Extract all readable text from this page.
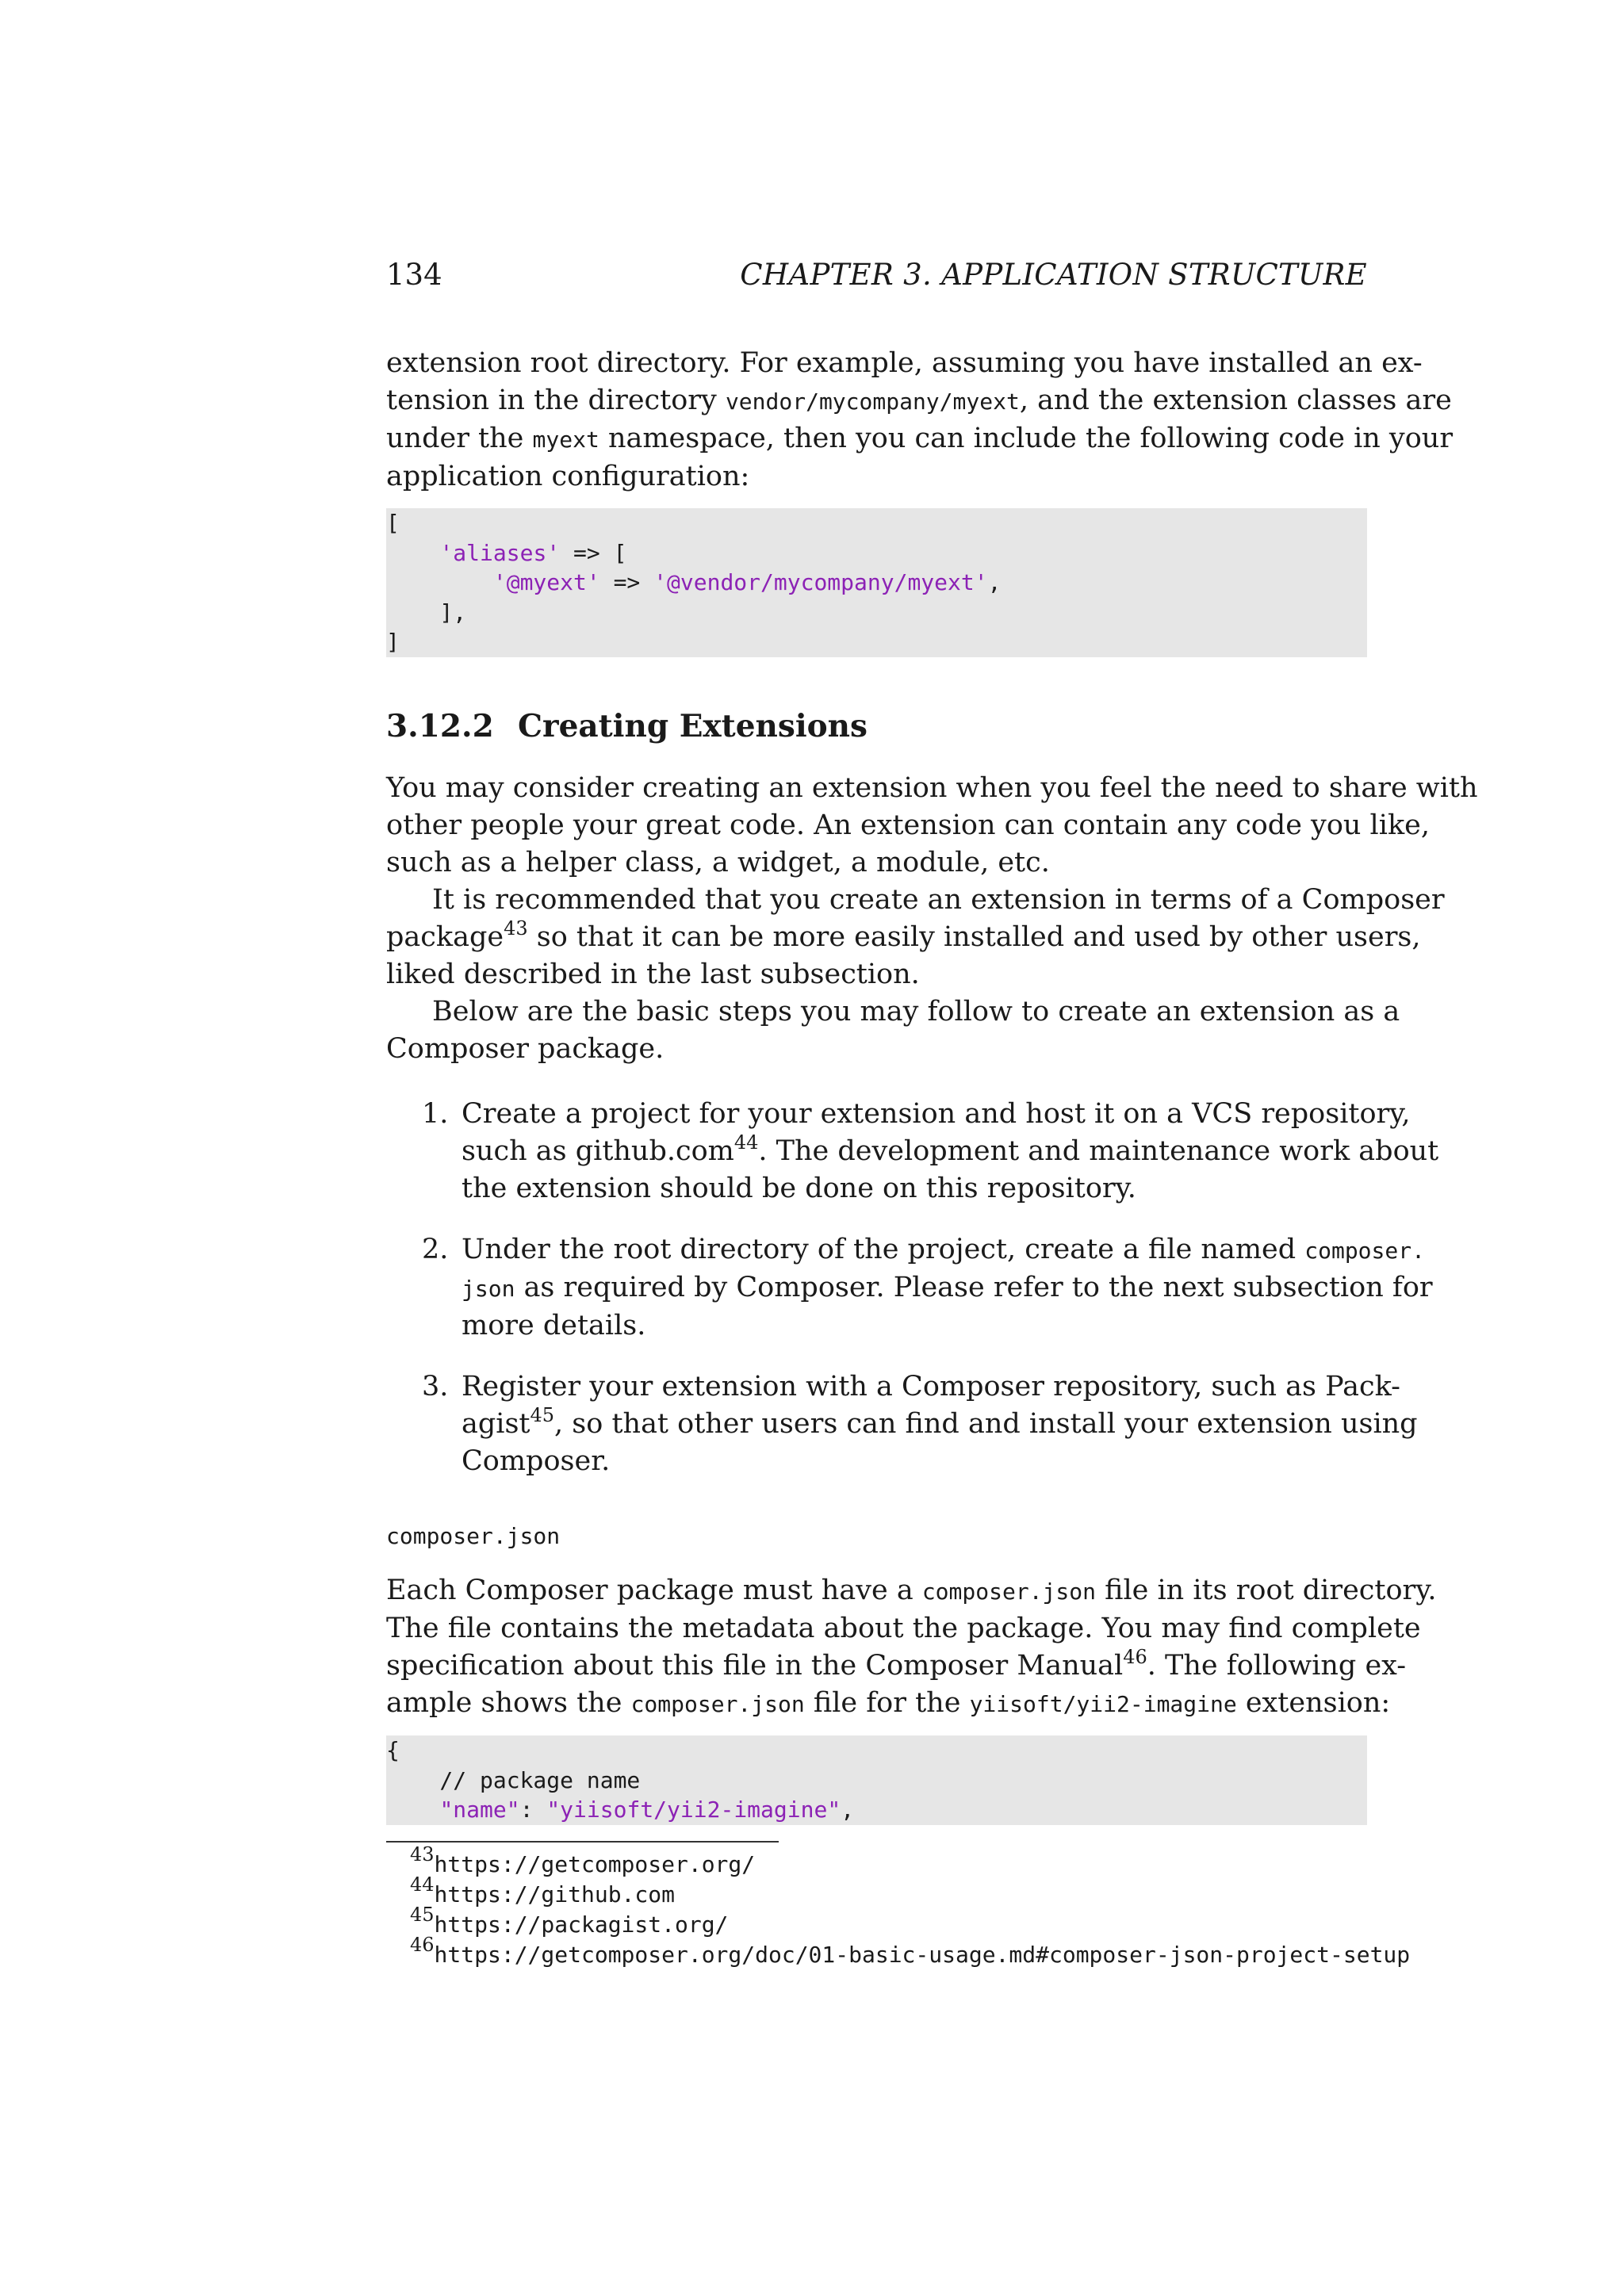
134	CHAPTER 3. APPLICATION STRUCTURE
extension root directory. For example, assuming you have installed an ex-
tension in the directory vendor/mycompany/myext, and the extension classes are
under the myext namespace, then you can include the following code in your
application configuration:
[
'aliases' => [
'@myext' => '@vendor/mycompany/myext',
],
]
3.12.2 Creating Extensions
You may consider creating an extension when you feel the need to share with
other people your great code. An extension can contain any code you like,
such as a helper class, a widget, a module, etc.
It is recommended that you create an extension in terms of a Composer
package$^{43}$ so that it can be more easily installed and used by other users,
liked described in the last subsection.
Below are the basic steps you may follow to create an extension as a
Composer package.
1. Create a project for your extension and host it on a VCS repository,
such as github.com$^{44}$. The development and maintenance work about
the extension should be done on this repository.
2. Under the root directory of the project, create a file named composer.
json as required by Composer. Please refer to the next subsection for
more details.
3. Register your extension with a Composer repository, such as Pack-
agist$^{45}$, so that other users can find and install your extension using
Composer.
composer.json
Each Composer package must have a composer.json file in its root directory.
The file contains the metadata about the package. You may find complete
specification about this file in the Composer Manual$^{46}$. The following ex-
ample shows the composer.json file for the yiisoft/yii2-imagine extension:
{
// package name
"name": "yiisoft/yii2-imagine",
$^{43}$https://getcomposer.org/
$^{44}$https://github.com
$^{45}$https://packagist.org/
$^{46}$https://getcomposer.org/doc/01-basic-usage.md#composer-json-project-setup
